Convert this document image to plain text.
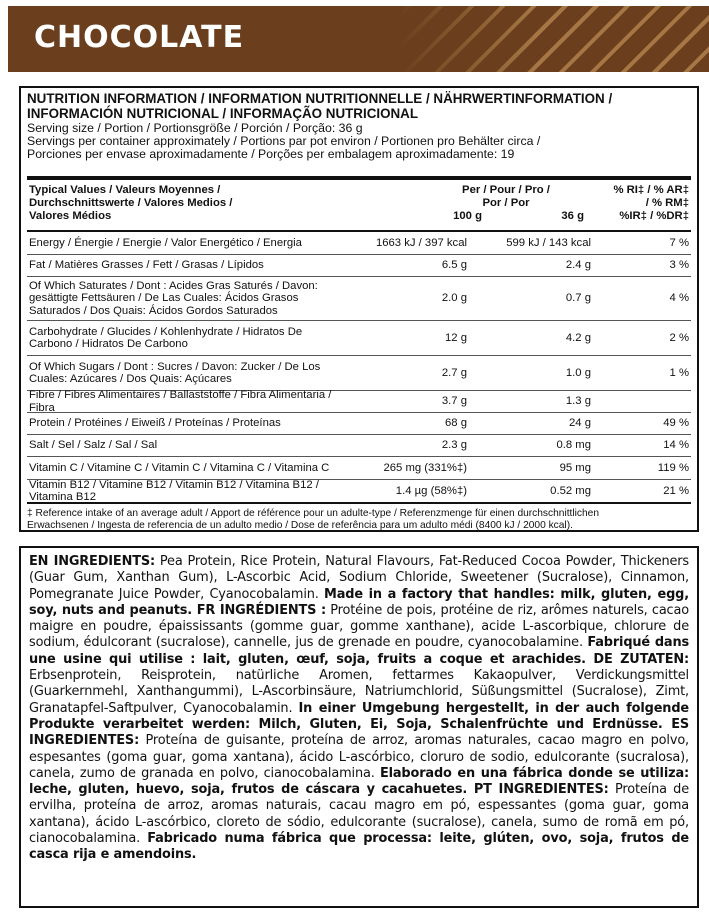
CHOCOLATE
NUTRITION INFORMATION / INFORMATION NUTRITIONNELLE / NÄHRWERTINFORMATION /
INFORMACIÓN NUTRICIONAL / INFORMAÇÃO NUTRICIONAL
Serving size / Portion / Portionsgröße / Porción / Porção: 36 g
Servings per container approximately / Portions par pot environ / Portionen pro Behälter circa /
Porciones per envase aproximadamente / Porções per embalagem aproximadamente: 19
Typical Values / Valeurs Moyennes /
Durchschnittswerte / Valores Medios /
Valores Médios
Per / Pour / Pro /
Por / Por
100 g	36 g
% RI‡ / % AR‡
/ % RM‡
%IR‡ / %DR‡
Energy / Énergie / Energie / Valor Energético / Energia	1663 kJ / 397 kcal	599 kJ / 143 kcal	7 %
Fat / Matières Grasses / Fett / Grasas / Lípidos	6.5 g	2.4 g	3 %
Of Which Saturates / Dont : Acides Gras Saturés / Davon:
gesättigte Fettsäuren / De Las Cuales: Ácidos Grasos
Saturados / Dos Quais: Ácidos Gordos Saturados
2.0 g	0.7 g	4 %
Carbohydrate / Glucides / Kohlenhydrate / Hidratos De
Carbono / Hidratos De Carbono
12 g	4.2 g	2 %
Of Which Sugars / Dont : Sucres / Davon: Zucker / De Los
Cuales: Azúcares / Dos Quais: Açúcares
2.7 g	1.0 g	1 %
Fibre / Fibres Alimentaires / Ballaststoffe / Fibra Alimentaria / Fibra
3.7 g	1.3 g
Protein / Protéines / Eiweiß / Proteínas / Proteínas	68 g	24 g	49 %
Salt / Sel / Salz / Sal / Sal	2.3 g	0.8 mg	14 %
Vitamin C / Vitamine C / Vitamin C / Vitamina C / Vitamina C	265 mg (331%‡)	95 mg	119 %
Vitamin B12 / Vitamine B12 / Vitamin B12 / Vitamina B12 / Vitamina B12
1.4 µg (58%‡)	0.52 mg	21 %
‡ Reference intake of an average adult / Apport de référence pour un adulte-type / Referenzmenge für einen durchschnittlichen
Erwachsenen / Ingesta de referencia de un adulto medio / Dose de referência para um adulto médi (8400 kJ / 2000 kcal).
EN INGREDIENTS: Pea Protein, Rice Protein, Natural Flavours, Fat-Reduced Cocoa Powder, Thickeners (Guar Gum, Xanthan Gum), L-Ascorbic Acid, Sodium Chloride, Sweetener (Sucralose), Cinnamon, Pomegranate Juice Powder, Cyanocobalamin. Made in a factory that handles: milk, gluten, egg, soy, nuts and peanuts. FR INGRÉDIENTS : Protéine de pois, protéine de riz, arômes naturels, cacao maigre en poudre, épaississants (gomme guar, gomme xanthane), acide L-ascorbique, chlorure de sodium, édulcorant (sucralose), cannelle, jus de grenade en poudre, cyanocobalamine. Fabriqué dans une usine qui utilise : lait, gluten, œuf, soja, fruits a coque et arachides. DE ZUTATEN: Erbsenprotein, Reisprotein, natürliche Aromen, fettarmes Kakaopulver, Verdickungsmittel (Guarkernmehl, Xanthangummi), L-Ascorbinsäure, Natriumchlorid, Süßungsmittel (Sucralose), Zimt, Granatapfel-Saftpulver, Cyanocobalamin. In einer Umgebung hergestellt, in der auch folgende Produkte verarbeitet werden: Milch, Gluten, Ei, Soja, Schalenfrüchte und Erdnüsse. ES INGREDIENTES: Proteína de guisante, proteína de arroz, aromas naturales, cacao magro en polvo, espesantes (goma guar, goma xantana), ácido L-ascórbico, cloruro de sodio, edulcorante (sucralosa), canela, zumo de granada en polvo, cianocobalamina. Elaborado en una fábrica donde se utiliza: leche, gluten, huevo, soja, frutos de cáscara y cacahuetes. PT INGREDIENTES: Proteína de ervilha, proteína de arroz, aromas naturais, cacau magro em pó, espessantes (goma guar, goma xantana), ácido L-ascórbico, cloreto de sódio, edulcorante (sucralose), canela, sumo de romã em pó, cianocobalamina. Fabricado numa fábrica que processa: leite, glúten, ovo, soja, frutos de casca rija e amendoins.
